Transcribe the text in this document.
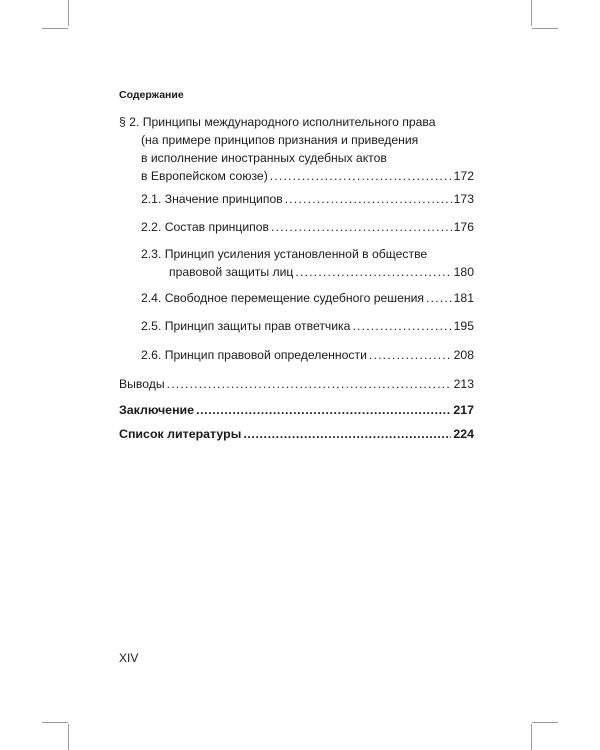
Содержание
§ 2. Принципы международного исполнительного права
(на примере принципов признания и приведения
в исполнение иностранных судебных актов
в Европейском союзе) .....	172
2.1. Значение принципов .....	173
2.2. Состав принципов .....	176
2.3. Принцип усиления установленной в обществе
правовой защиты лиц .....	180
2.4. Свободное перемещение судебного решения ..... 181
2.5. Принцип защиты прав ответчика .....	195
2.6. Принцип правовой определенности .....	208
Выводы .....	213
Заключение .....	217
Список литературы .....	224
XIV
